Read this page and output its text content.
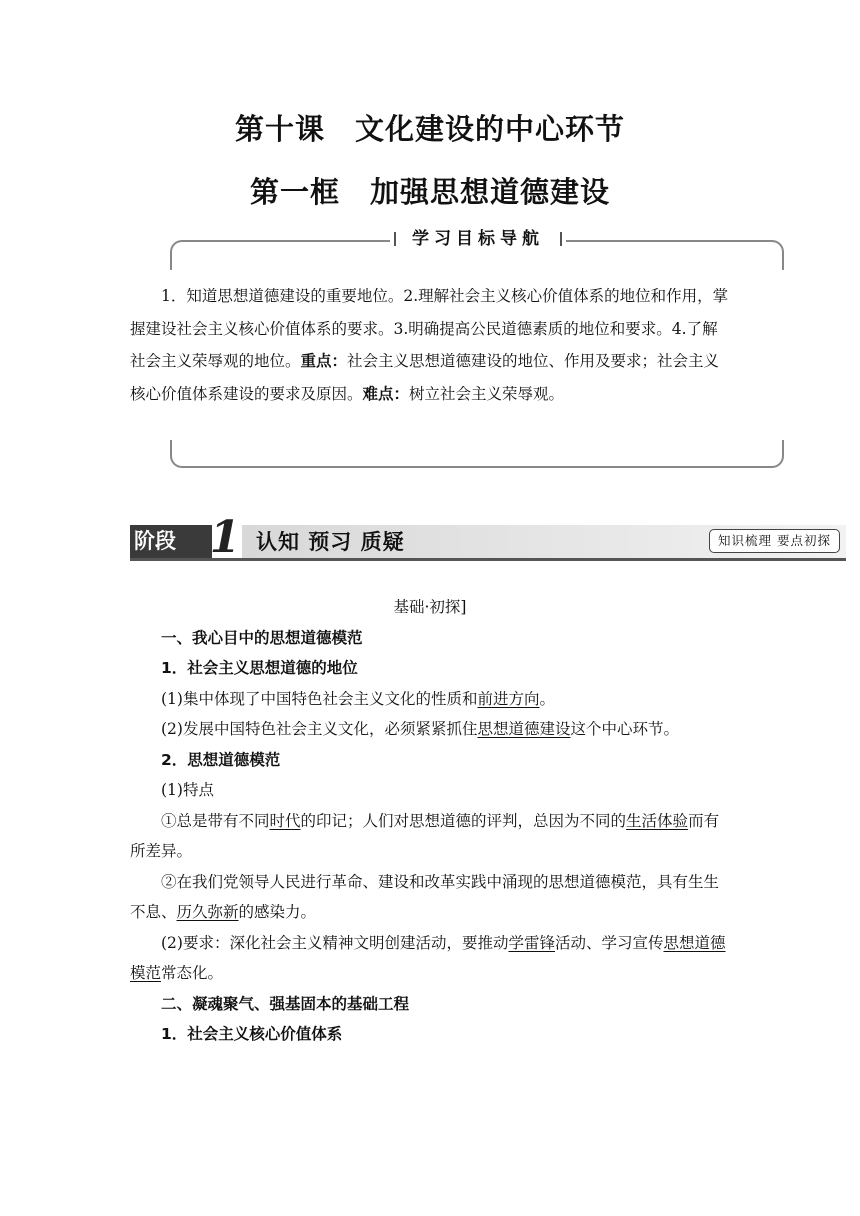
第十课　文化建设的中心环节
第一框　加强思想道德建设
学习目标导航

1．知道思想道德建设的重要地位。2.理解社会主义核心价值体系的地位和作用，掌握建设社会主义核心价值体系的要求。3.明确提高公民道德素质的地位和要求。4.了解社会主义荣辱观的地位。重点：社会主义思想道德建设的地位、作用及要求；社会主义核心价值体系建设的要求及原因。难点：树立社会主义荣辱观。

阶段 1 认知 预习 质疑	知识梳理 要点初探

基础·初探]

一、我心目中的思想道德模范

1．社会主义思想道德的地位

(1)集中体现了中国特色社会主义文化的性质和前进方向。

(2)发展中国特色社会主义文化，必须紧紧抓住思想道德建设这个中心环节。

2．思想道德模范

(1)特点

①总是带有不同时代的印记；人们对思想道德的评判，总因为不同的生活体验而有所差异。

②在我们党领导人民进行革命、建设和改革实践中涌现的思想道德模范，具有生生不息、历久弥新的感染力。

(2)要求：深化社会主义精神文明创建活动，要推动学雷锋活动、学习宣传思想道德模范常态化。

二、凝魂聚气、强基固本的基础工程

1．社会主义核心价值体系
